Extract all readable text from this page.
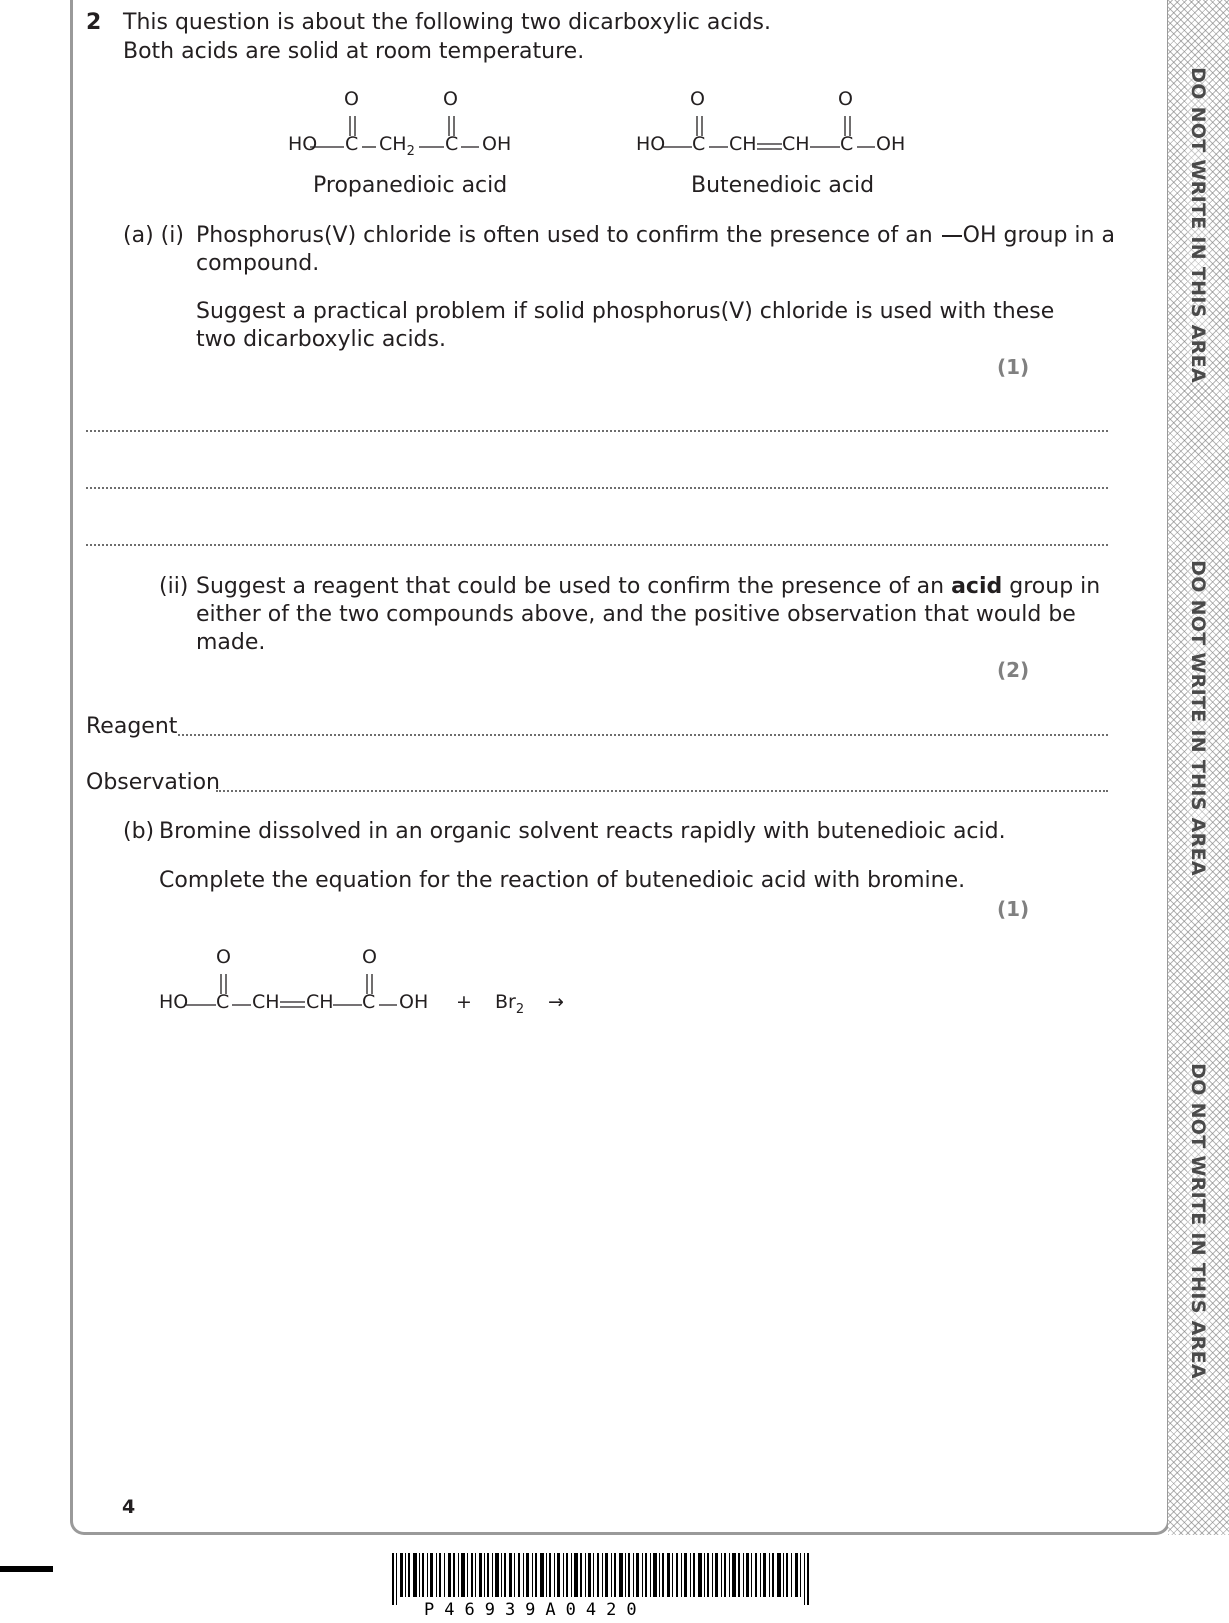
DO NOT WRITE IN THIS AREA
DO NOT WRITE IN THIS AREA
DO NOT WRITE IN THIS AREA
2 This question is about the following two dicarboxylic acids.
Both acids are solid at room temperature.
O	O
HO C $CH_2$ C OH
Propanedioic acid
O	O
HO C CH CH C OH
Butenedioic acid
(a) (i) Phosphorus(V) chloride is often used to confirm the presence of an OH group in a
compound.
Suggest a practical problem if solid phosphorus(V) chloride is used with these
two dicarboxylic acids.
(1)
(ii) Suggest a reagent that could be used to confirm the presence of an acid group in
either of the two compounds above, and the positive observation that would be
made.
(2)
Reagent
Observation
(b) Bromine dissolved in an organic solvent reacts rapidly with butenedioic acid.
Complete the equation for the reaction of butenedioic acid with bromine.
(1)
O	O
HO C CH CH C OH + $Br_2$ →
4
P46939A0420
